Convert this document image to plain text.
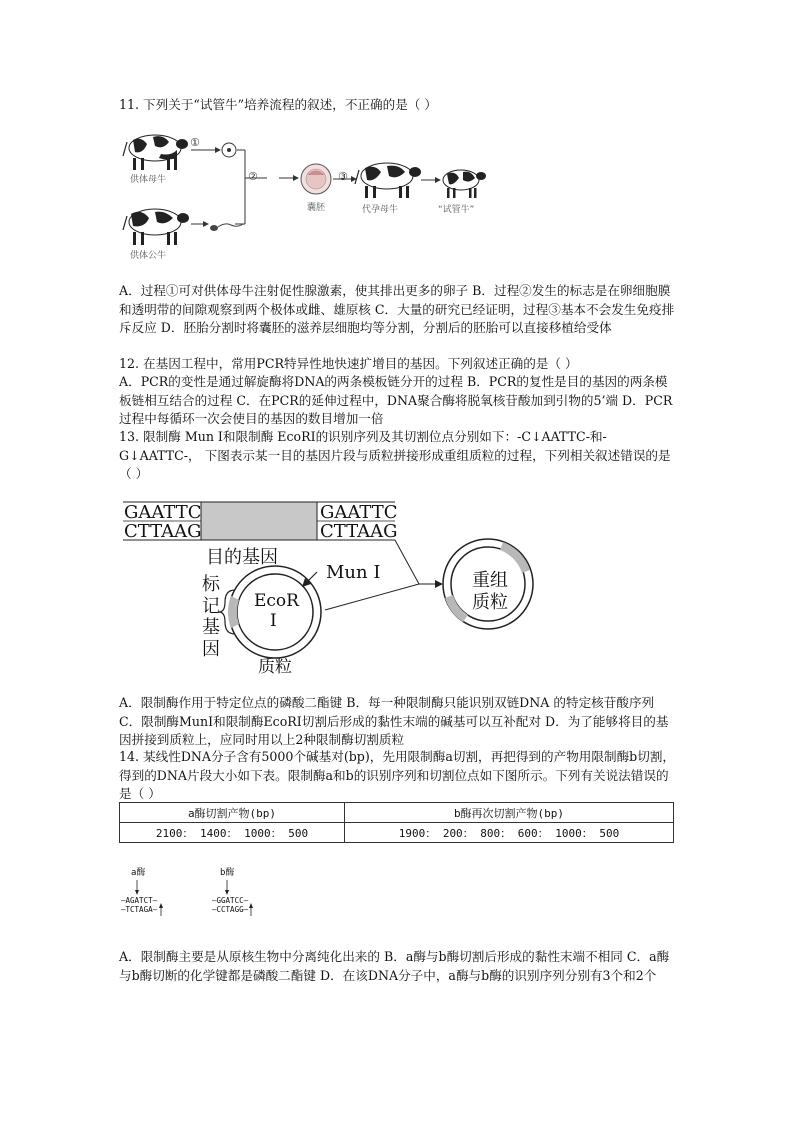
11. 下列关于“试管牛”培养流程的叙述，不正确的是（ ）
①
②	③
供体母牛
供体公牛
囊胚	代孕母牛	“试管牛”
A．过程①可对供体母牛注射促性腺激素，使其排出更多的卵子 B．过程②发生的标志是在卵细胞膜和透明带的间隙观察到两个极体或雌、雄原核 C．大量的研究已经证明，过程③基本不会发生免疫排斥反应 D．胚胎分割时将囊胚的滋养层细胞均等分割，分割后的胚胎可以直接移植给受体
12. 在基因工程中，常用PCR特异性地快速扩增目的基因。下列叙述正确的是（ ）
A．PCR的变性是通过解旋酶将DNA的两条模板链分开的过程 B．PCR的复性是目的基因的两条模板链相互结合的过程 C．在PCR的延伸过程中，DNA聚合酶将脱氧核苷酸加到引物的5’端 D．PCR过程中每循环一次会使目的基因的数目增加一倍
13. 限制酶 Mun I和限制酶 EcoRI的识别序列及其切割位点分别如下：-C↓AATTC-和-G↓AATTC-， 下图表示某一目的基因片段与质粒拼接形成重组质粒的过程，下列相关叙述错误的是（ ）
GAATTC
CTTAAG
GAATTC
CTTAAG
目的基因
Mun I
标
记
基
因
EcoR
I
质粒
重组
质粒
A．限制酶作用于特定位点的磷酸二酯键 B．每一种限制酶只能识别双链DNA 的特定核苷酸序列 C．限制酶MunI和限制酶EcoRI切割后形成的黏性末端的碱基可以互补配对 D．为了能够将目的基因拼接到质粒上，应同时用以上2种限制酶切割质粒
14. 某线性DNA分子含有5000个碱基对(bp)，先用限制酶a切割，再把得到的产物用限制酶b切割，得到的DNA片段大小如下表。限制酶a和b的识别序列和切割位点如下图所示。下列有关说法错误的是（ ）
a酶切割产物(bp)	b酶再次切割产物(bp)
2100： 1400： 1000： 500	1900： 200： 800： 600： 1000： 500
a酶
—AGATCT—
—TCTAGA—
b酶
—GGATCC—
—CCTAGG—
A．限制酶主要是从原核生物中分离纯化出来的 B．a酶与b酶切割后形成的黏性末端不相同 C．a酶与b酶切断的化学键都是磷酸二酯键 D．在该DNA分子中，a酶与b酶的识别序列分别有3个和2个
